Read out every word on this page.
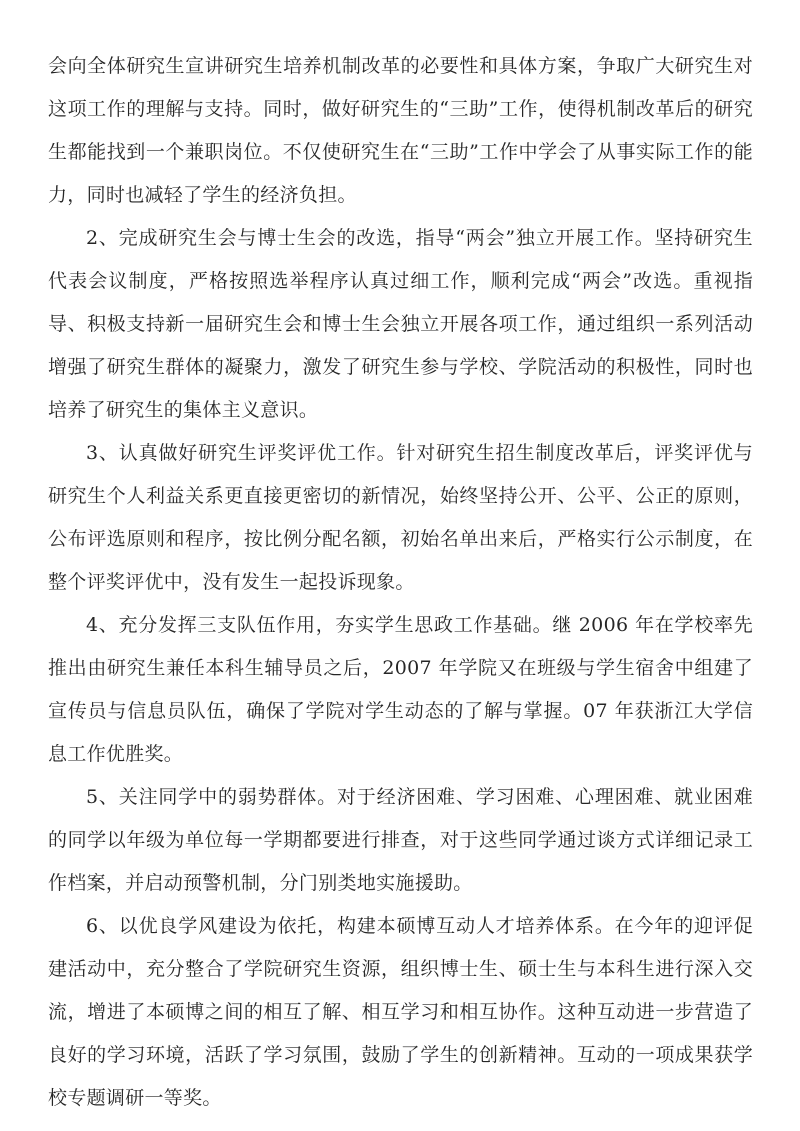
会向全体研究生宣讲研究生培养机制改革的必要性和具体方案，争取广大研究生对这项工作的理解与支持。同时，做好研究生的“三助”工作，使得机制改革后的研究生都能找到一个兼职岗位。不仅使研究生在“三助”工作中学会了从事实际工作的能力，同时也减轻了学生的经济负担。

2、完成研究生会与博士生会的改选，指导“两会”独立开展工作。坚持研究生代表会议制度，严格按照选举程序认真过细工作，顺利完成“两会”改选。重视指导、积极支持新一届研究生会和博士生会独立开展各项工作，通过组织一系列活动增强了研究生群体的凝聚力，激发了研究生参与学校、学院活动的积极性，同时也培养了研究生的集体主义意识。

3、认真做好研究生评奖评优工作。针对研究生招生制度改革后，评奖评优与研究生个人利益关系更直接更密切的新情况，始终坚持公开、公平、公正的原则，公布评选原则和程序，按比例分配名额，初始名单出来后，严格实行公示制度，在整个评奖评优中，没有发生一起投诉现象。

4、充分发挥三支队伍作用，夯实学生思政工作基础。继 2006 年在学校率先推出由研究生兼任本科生辅导员之后，2007 年学院又在班级与学生宿舍中组建了宣传员与信息员队伍，确保了学院对学生动态的了解与掌握。07 年获浙江大学信息工作优胜奖。

5、关注同学中的弱势群体。对于经济困难、学习困难、心理困难、就业困难的同学以年级为单位每一学期都要进行排查，对于这些同学通过谈方式详细记录工作档案，并启动预警机制，分门别类地实施援助。

6、以优良学风建设为依托，构建本硕博互动人才培养体系。在今年的迎评促建活动中，充分整合了学院研究生资源，组织博士生、硕士生与本科生进行深入交流，增进了本硕博之间的相互了解、相互学习和相互协作。这种互动进一步营造了良好的学习环境，活跃了学习氛围，鼓励了学生的创新精神。互动的一项成果获学校专题调研一等奖。
